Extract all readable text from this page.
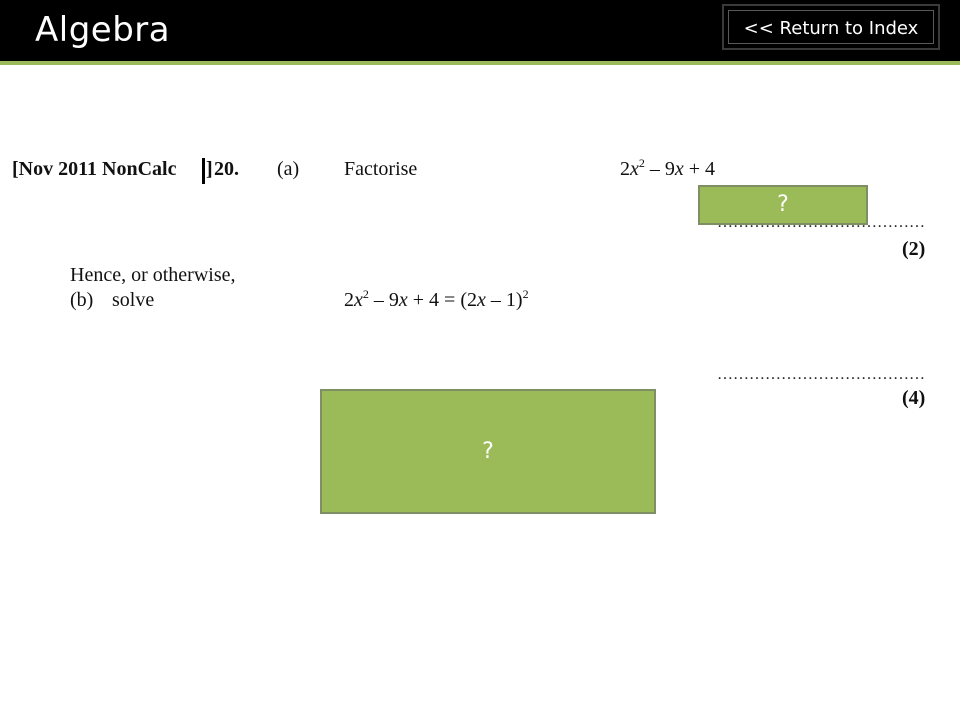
Algebra	<< Return to Index
[Nov 2011 NonCalc ] 20. (a) Factorise	$2x^2 - 9x + 4$
?
…………………………………
(2)
Hence, or otherwise,
(b) solve	$2x^2 - 9x + 4 = (2x - 1)^2$
…………………………………
(4)
?
